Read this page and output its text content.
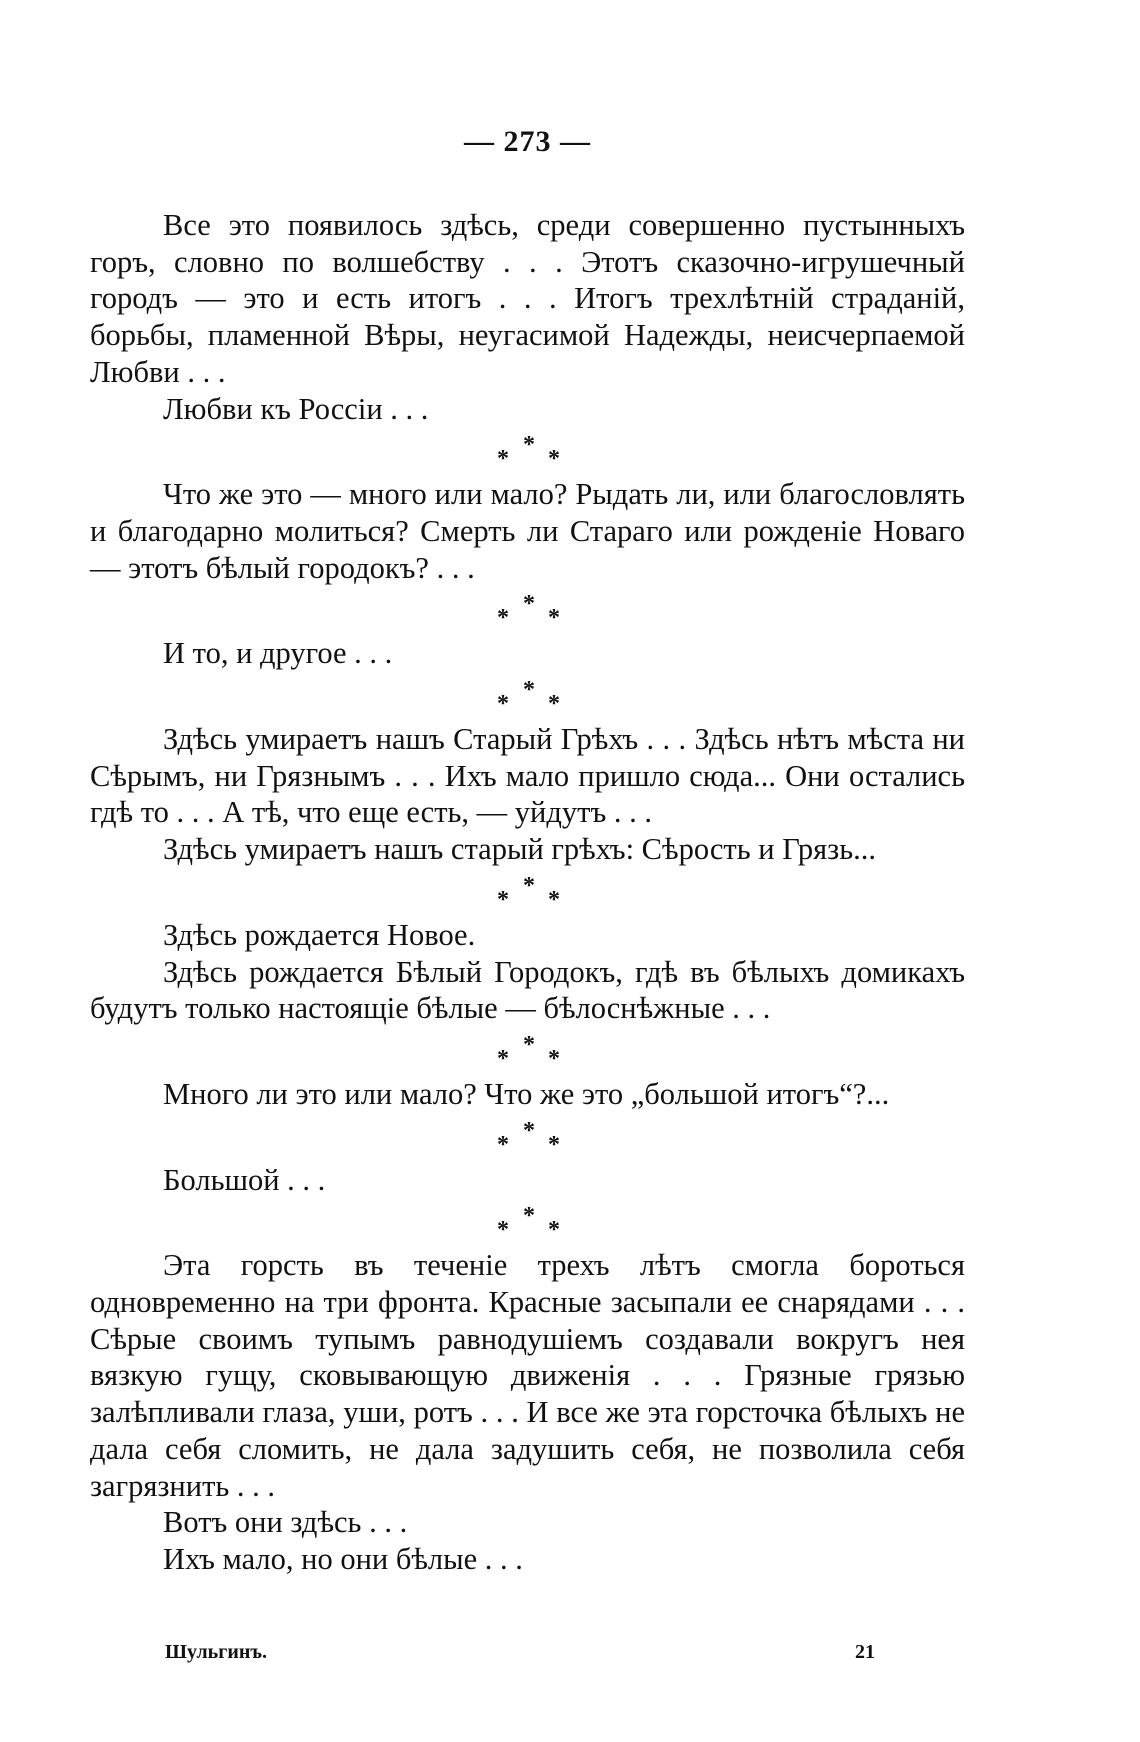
— 273 —

Все это появилось здѣсь, среди совершенно пустынныхъ горъ, словно по волшебству . . . Этотъ сказочно-игрушечный городъ — это и есть итогъ . . . Итогъ трехлѣтній страданій, борьбы, пламенной Вѣры, неугасимой Надежды, неисчерпаемой Любви . . .

Любви къ Россіи . . .

*
*
*

Что же это — много или мало? Рыдать ли, или благословлять и благодарно молиться? Смерть ли Стараго или рожденіе Новаго — этотъ бѣлый городокъ? . . .

*
*
*

И то, и другое . . .

*
*
*

Здѣсь умираетъ нашъ Старый Грѣхъ . . . Здѣсь нѣтъ мѣста ни Сѣрымъ, ни Грязнымъ . . . Ихъ мало пришло сюда... Они остались гдѣ то . . . А тѣ, что еще есть, — уйдутъ . . .

Здѣсь умираетъ нашъ старый грѣхъ: Сѣрость и Грязь...

*
*
*

Здѣсь рождается Новое.

Здѣсь рождается Бѣлый Городокъ, гдѣ въ бѣлыхъ домикахъ будутъ только настоящіе бѣлые — бѣлоснѣжные . . .

*
*
*

Много ли это или мало? Что же это „большой итогъ“?...

*
*
*

Большой . . .

*
*
*

Эта горсть въ теченіе трехъ лѣтъ смогла бороться одновременно на три фронта. Красные засыпали ее снарядами . . . Сѣрые своимъ тупымъ равнодушіемъ создавали вокругъ нея вязкую гущу, сковывающую движенія . . . Грязные грязью залѣпливали глаза, уши, ротъ . . . И все же эта горсточка бѣлыхъ не дала себя сломить, не дала задушить себя, не позволила себя загрязнить . . .

Вотъ они здѣсь . . .

Ихъ мало, но они бѣлые . . .

Шульгинъ.	21
